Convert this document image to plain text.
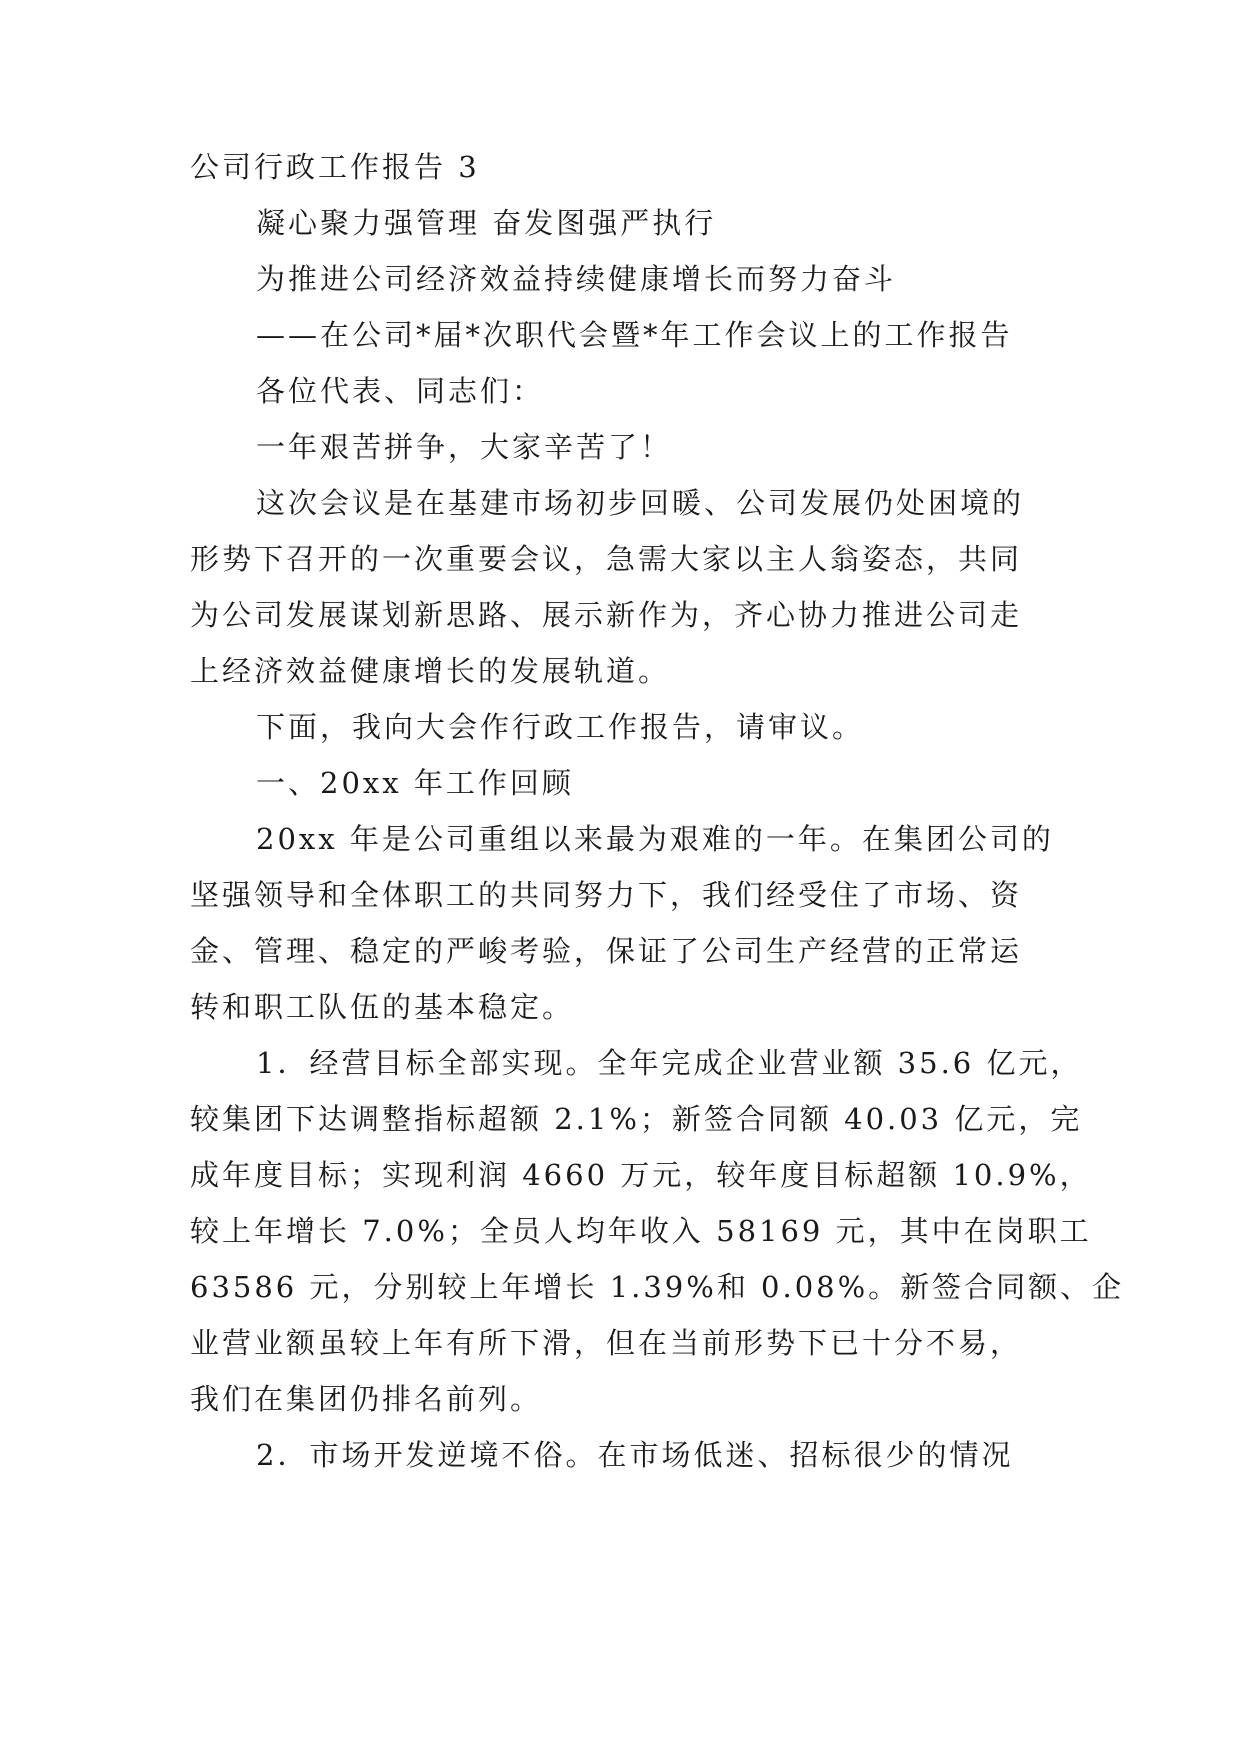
公司行政工作报告 3
凝心聚力强管理 奋发图强严执行
为推进公司经济效益持续健康增长而努力奋斗
——在公司*届*次职代会暨*年工作会议上的工作报告
各位代表、同志们：
一年艰苦拼争，大家辛苦了！
这次会议是在基建市场初步回暖、公司发展仍处困境的
形势下召开的一次重要会议，急需大家以主人翁姿态，共同
为公司发展谋划新思路、展示新作为，齐心协力推进公司走
上经济效益健康增长的发展轨道。
下面，我向大会作行政工作报告，请审议。
一、20xx 年工作回顾
20xx 年是公司重组以来最为艰难的一年。在集团公司的
坚强领导和全体职工的共同努力下，我们经受住了市场、资
金、管理、稳定的严峻考验，保证了公司生产经营的正常运
转和职工队伍的基本稳定。
1．经营目标全部实现。全年完成企业营业额 35.6 亿元，
较集团下达调整指标超额 2.1%；新签合同额 40.03 亿元，完
成年度目标；实现利润 4660 万元，较年度目标超额 10.9%，
较上年增长 7.0%；全员人均年收入 58169 元，其中在岗职工
63586 元，分别较上年增长 1.39%和 0.08%。新签合同额、企
业营业额虽较上年有所下滑，但在当前形势下已十分不易，
我们在集团仍排名前列。
2．市场开发逆境不俗。在市场低迷、招标很少的情况
